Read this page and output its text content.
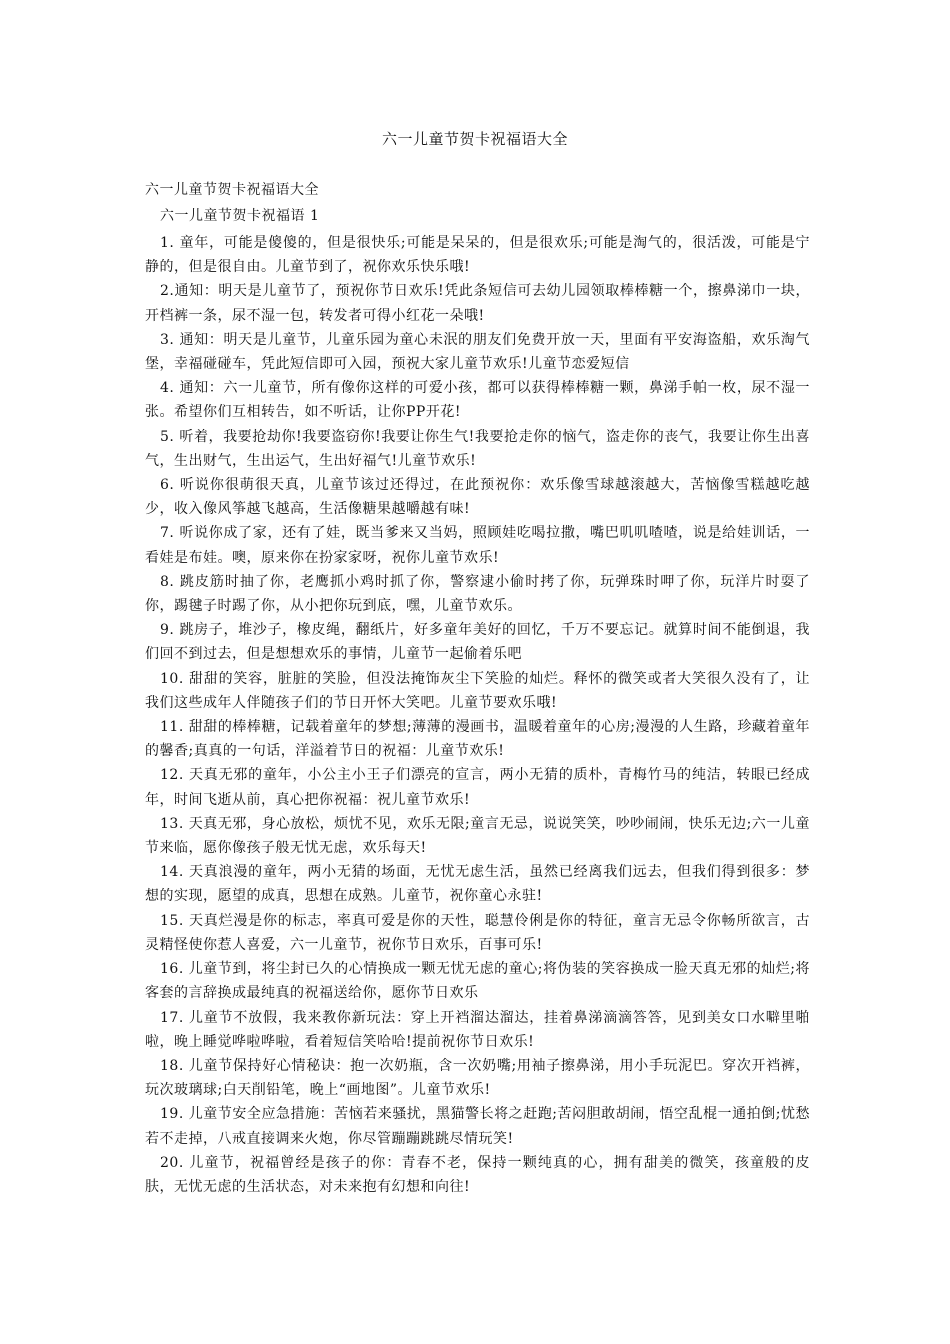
六一儿童节贺卡祝福语大全
六一儿童节贺卡祝福语大全
六一儿童节贺卡祝福语 1
1. 童年，可能是傻傻的，但是很快乐;可能是呆呆的，但是很欢乐;可能是淘气的，很活泼，可能是宁静的，但是很自由。儿童节到了，祝你欢乐快乐哦!
2.通知：明天是儿童节了，预祝你节日欢乐!凭此条短信可去幼儿园领取棒棒糖一个，擦鼻涕巾一块，开档裤一条，尿不湿一包，转发者可得小红花一朵哦!
3. 通知：明天是儿童节，儿童乐园为童心未泯的朋友们免费开放一天，里面有平安海盗船，欢乐淘气堡，幸福碰碰车，凭此短信即可入园，预祝大家儿童节欢乐!儿童节恋爱短信
4. 通知：六一儿童节，所有像你这样的可爱小孩，都可以获得棒棒糖一颗，鼻涕手帕一枚，尿不湿一张。希望你们互相转告，如不听话，让你PP开花!
5. 听着，我要抢劫你!我要盗窃你!我要让你生气!我要抢走你的恼气，盗走你的丧气，我要让你生出喜气，生出财气，生出运气，生出好福气!儿童节欢乐!
6. 听说你很萌很天真，儿童节该过还得过，在此预祝你：欢乐像雪球越滚越大，苦恼像雪糕越吃越少，收入像风筝越飞越高，生活像糖果越嚼越有味!
7. 听说你成了家，还有了娃，既当爹来又当妈，照顾娃吃喝拉撒，嘴巴叽叽喳喳，说是给娃训话，一看娃是布娃。噢，原来你在扮家家呀，祝你儿童节欢乐!
8. 跳皮筋时抽了你，老鹰抓小鸡时抓了你，警察逮小偷时拷了你，玩弹珠时呷了你，玩洋片时耍了你，踢毽子时踢了你，从小把你玩到底，嘿，儿童节欢乐。
9. 跳房子，堆沙子，橡皮绳，翻纸片，好多童年美好的回忆，千万不要忘记。就算时间不能倒退，我们回不到过去，但是想想欢乐的事情，儿童节一起偷着乐吧
10. 甜甜的笑容，脏脏的笑脸，但没法掩饰灰尘下笑脸的灿烂。释怀的微笑或者大笑很久没有了，让我们这些成年人伴随孩子们的节日开怀大笑吧。儿童节要欢乐哦!
11. 甜甜的棒棒糖，记载着童年的梦想;薄薄的漫画书，温暖着童年的心房;漫漫的人生路，珍藏着童年的馨香;真真的一句话，洋溢着节日的祝福：儿童节欢乐!
12. 天真无邪的童年，小公主小王子们漂亮的宣言，两小无猜的质朴，青梅竹马的纯洁，转眼已经成年，时间飞逝从前，真心把你祝福：祝儿童节欢乐!
13. 天真无邪，身心放松，烦忧不见，欢乐无限;童言无忌，说说笑笑，吵吵闹闹，快乐无边;六一儿童节来临，愿你像孩子般无忧无虑，欢乐每天!
14. 天真浪漫的童年，两小无猜的场面，无忧无虑生活，虽然已经离我们远去，但我们得到很多：梦想的实现，愿望的成真，思想在成熟。儿童节，祝你童心永驻!
15. 天真烂漫是你的标志，率真可爱是你的天性，聪慧伶俐是你的特征，童言无忌令你畅所欲言，古灵精怪使你惹人喜爱，六一儿童节，祝你节日欢乐，百事可乐!
16. 儿童节到，将尘封已久的心情换成一颗无忧无虑的童心;将伪装的笑容换成一脸天真无邪的灿烂;将客套的言辞换成最纯真的祝福送给你，愿你节日欢乐
17. 儿童节不放假，我来教你新玩法：穿上开裆溜达溜达，挂着鼻涕滴滴答答，见到美女口水噼里啪啦，晚上睡觉哗啦哗啦，看着短信笑哈哈!提前祝你节日欢乐!
18. 儿童节保持好心情秘诀：抱一次奶瓶，含一次奶嘴;用袖子擦鼻涕，用小手玩泥巴。穿次开裆裤，玩次玻璃球;白天削铅笔，晚上“画地图”。儿童节欢乐!
19. 儿童节安全应急措施：苦恼若来骚扰，黑猫警长将之赶跑;苦闷胆敢胡闹，悟空乱棍一通拍倒;忧愁若不走掉，八戒直接调来火炮，你尽管蹦蹦跳跳尽情玩笑!
20. 儿童节，祝福曾经是孩子的你：青春不老，保持一颗纯真的心，拥有甜美的微笑，孩童般的皮肤，无忧无虑的生活状态，对未来抱有幻想和向往!
